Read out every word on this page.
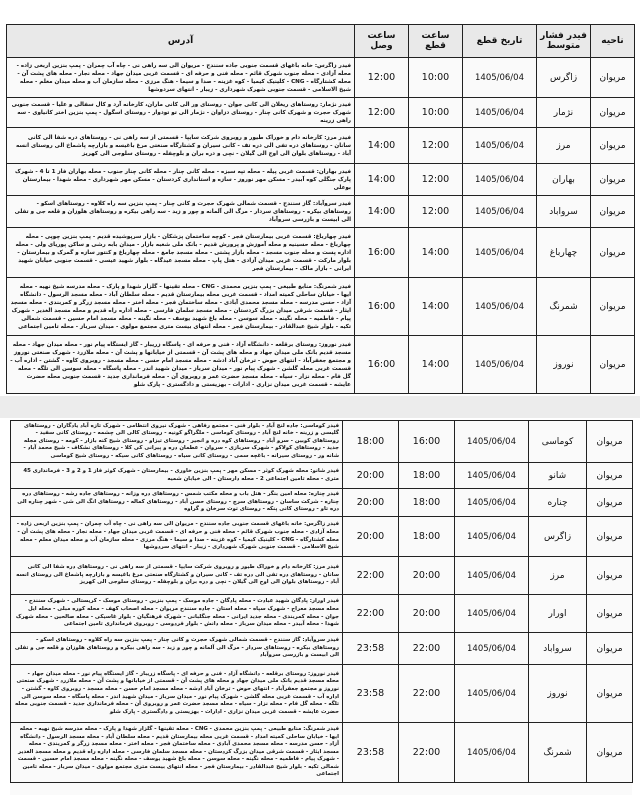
ناحیه	فیدر فشار متوسط	تاریخ قطع	ساعت قطع	ساعت وصل	آدرس
مریوان	زاگرس	1405/06/04	10:00	12:00	فیدر زاگرس: خانه باغهای قسمت جنوبی جاده سنندج - مریوان الی سه راهی نی - چاه آب چمران - پمپ بنزین اربعی زاده - محله آزادی - محله جنوب شهرک قائم - محله فنی و حرفه ای - قسمت غربی میدان جهاد - محله نجار - محله های پشت آن - محله کشتارگاه - CNG - کلینیک کیمیا - کوه غزینه - صدا و سیما - هنگ مرزی - محله سازمان آب و محله میدان معلم - محله شیخ الاسلامی - قسمت جنوبی شهرک شهرداری - زیبار - انتهای سردوشها
مریوان	نژمار	1405/06/04	10:00	12:00	فیدر نژمار: روستاهای ریغلان الی کانی جوان - روستای ور الی کانی ماران، کارخانه آرد و کال سفالی و علیا - قسمت جنوبی شهرک حجرت و شهرک کانی چنار - روستای دزاوان - نژمار الی تو تودوار - روستای اسگول - پمپ بنزین اختر کانیاوی - سه راهی زرینه
مریوان	مرز	1405/06/04	12:00	14:00	فیدر مرز: کارخانه دام و خوراک طیور و روبروی شرکت سایپا - قسمتی از سه راهی نی - روستاهای دره شفا الی کانی سانان - روستاهای دره تفی الی دره تف - کانی سیران و کشتارگاه صنعتی مرغ باغیسه و بازارچه پاشماخ الی روستای انسه آباد - روستاهای بلوان الی اوج الی گیلان - نچی و دره بران و بلوچفله - روستای سلوجی الی کهریز
مریوان	بهاران	1405/06/04	12:00	14:00	فیدر بهاران: قسمت غربی پیله - محله تپه سبزه - محله کانی چنار - محله کانی چنار جنوب - محله بهاران فاز 1 تا 4 - شهرک پارک جنگلی کوه آبیدر - مسکن مهر نوروز - سازه و استانداری کردستان - مسکن مهر شهرداری - محله شهدا - بیمارستان بوعلی
مریوان	سرواباد	1405/06/04	12:00	14:00	فیدر سروآباد: گاز سنندج - قسمت شمالی شهرک حجرت و کانی چنار - پمپ بنزین سه راه کلاوه - روستاهای اسکو - روستاهای بیکره - روستاهای سردار - مرگ الی آلمانه و چور و زبد - سه راهی بیکره و روستاهای هلوزان و قلعه جی و تفلی الی ابیست و بازرسی سروآباد
مریوان	چهارباغ	1405/06/04	14:00	16:00	فیدر چهارباغ: قسمت غربی بیمارستان فجر - کوچه ساختمان پزشکان - بازار سرپوشیده قدیم - پمپ بنزین چوپی - محله چهارباغ - محله حسینیه و محله آموزش و پرورش قدیم - بانک ملی شعبه بازار - میدان بابه رشی و ساکن پوریای ولی - محله اداره پست و محله جنوب مسجد - محله بازار پشتی - محله مسجد جامع - محله چهارباغ و کنتور سازه و گمرک و بیمارستان - بلوار مارکت - قسمت غربی میدان آزادی - هتل پاپ - محله مسجد عیدگاه - بلوار شهید عیسی - قسمت جنوبی خیابان شهید ایرانی - بازار مالک - بیمارستان فجر
مریوان	شمرنگ	1405/06/04	14:00	16:00	فیدر شمرنگ: منابع طبیعی - پمپ بنزین محمدی - CNG - محله تقینها - گلزار شهدا و پارک - محله مدرسه شیخ نهیه - محله ایها - خیابان ساحلی کمیته امداد - قسمت غربی محله بیمارستان قدیم - محله سلطان آباد - محله مسجد الرسول - دانشگاه آزاد - حسن مدرسه - محله مسجد محمدی آبادی - محله ساختمان فجر - محله اختر - محله مسجد زرگر و کمربندی - محله مسجد ایثار - قسمت شرقی میدان بزرگ کردستان - محله مسجد سلمان فارسی - محله اداره راه قدیم و محله مسجد الغدیر - شهرک پیام - فاطمیه - محله نگینه - محله سوسن - محله باغ شهید یوسف - محله نگینه - محله مسجد امام حسین - قسمت شمالی تکیه - بلوار شیخ عبدالقادر - بیمارستان فجر - محله انتهای بیست متری مجتمع مولوی - میدان سرباز - محله تامین اجتماعی
مریوان	نوروز	1405/06/04	14:00	16:00	فیدر نوروز: روستای برقلعه - دانشگاه آزاد - فنی و حرفه ای - پاسگاه زریبار - گاز ایستگاه پیام نور - محله میدان جهاد - محله مسجد قدیم بانک ملی میدان جهاد و محله های پشت آن - قسمتی از خیابانها و پشت آن - محله ملازرد - شهرک صنعتی نوروز و مجتمع جعفرآباد - انتهای حوض - ترخان آباد ادشه - محله مسجد امام حسن - محله مسجد - روبروی کاوه - گشتن - اداره آب - قسمت غربی محله گلشن - شهرک پیام نور - میدان سرباز - میدان شهید اندر - محله پاسگاه - محله سوسن الی تلگه - محله گل فام - محله نزار - سیاه - محله مسجد حضرت عمر و روبروی آن - محله فرمانداری جدید - قسمت جنوبی محله حضرت عایشه - قسمت غربی میدان نزاری - ادارات - بهزیستی و دادگستری - پارک شلو
مریوان	کوماسی	1405/06/04	16:00	18:00	فیدر کوماسی: جاده لنج آباد - بلوار فنی - مجتمع رفاهی - شهرک نیروی انتظامی - شهرک تازه آباد یادگاران - روستاهای گلیسی و زرینه - خانه لنج آباد - روستای کوماسی - ملگراگو کونیه - روستای کالی الی چشمه - روستای کانی سفید - روستاهای کوبین - سرو آباد - روستاهای کوه دره و انجیر - روستای تیزاو - روستای شیخ کنه بازار - کومه - روستای مجله جدید - روستاهای کولاکو - شهرک سربازی - سروان - عطمان دره و پیرانی کی کلا - روستاهای نشکاف - شیخ محمد آباد - شانه ور - روستای سیرانه - باغچه سمی - روستای کانی سیاه - روستاهای کانی سیکه - روستای شیخ کوماسی
مریوان	شانو	1405/06/04	18:00	20:00	فیدر شانو: محله شهرک کوثر - مسکن مهر - پمپ بنزین خاوری - بیمارستان - شهرک کوثر فاز 1 و 2 و 3 - فرمانداری 45 متری - محله تامین اجتماعی 2 - محله دارستان - الی خیابان شمیه
مریوان	چناره	1405/06/04	18:00	20:00	فیدر چناره: محله امین بنگر - هتل باب و محله مکتب شمس - روستاهای دره وزانه - روستاهای جاده رشه - روستاهای دره چناره - شرکت ساسان - روستاهای سرچ - روستای حسن آباد - روستاهای کماله - روستاهای انگ الی شی - شهر چناره الی دره تاو - روستای کانی پنکه - روستای توت سرخان و گراوه
مریوان	زاگرس	1405/06/04	18:00	20:00	فیدر زاگرس: خانه باغهای قسمت جنوبی جاده سنندج - مریوان الی سه راهی نی - چاه آب چمران - پمپ بنزین اربعی زاده - محله آزادی - محله جنوب شهرک قائم - محله فنی و حرفه ای - قسمت غربی میدان جهاد - محله نجار - محله های پشت آن - محله کشتارگاه - CNG - کلینیک کیمیا - کوه غزینه - صدا و سیما - هنگ مرزی - محله سازمان آب و محله میدان معلم - محله شیخ الاسلامی - قسمت جنوبی شهرک شهرداری - زیبار - انتهای سردوشها
مریوان	مرز	1405/06/04	20:00	22:00	فیدر مرز: کارخانه دام و خوراک طیور و روبروی شرکت سایپا - قسمتی از سه راهی نی - روستاهای دره شفا الی کانی سانان - روستاهای دره تفی الی دره تف - کانی سیران و کشتارگاه صنعتی مرغ باغیسه و بازارچه پاشماخ الی روستای انسه آباد - روستاهای بلوان الی اوج الی گیلان - نچی و دره بران و بلوچفله - روستای سلوجی الی کهریز
مریوان	اورار	1405/06/04	20:00	22:00	فیدر اورار: پادگان شهید عبادت - محله پادگان - جاده موسک - پمپ بنزین - روستای موسک - کریستالی - شهرک سنندج - محله مسجد معراج - شهرک سپاه - محله استان - جاده سنندج مریوان - محله اصحاب کهف - محله کوره مبلی - محله ایل جوان - محله کمربندی - محله جدید ایرانی - محله جنگلبانی - شهرک فرهنگیان - بلوار غاسیکی - محله صالحین - محله شهرک شهدا - محله آبیدر - محله میدان سرباز - محله دانش - بلوار فردوسی - روبروی فرمانداری تامین اجتماعی
مریوان	سرواباد	1405/06/04	22:00	23:58	فیدر سروآباد: گاز سنندج - قسمت شمالی شهرک حجرت و کانی چنار - پمپ بنزین سه راه کلاوه - روستاهای اسکو - روستاهای بیکره - روستاهای سردار - مرگ الی آلمانه و چور و زبد - سه راهی بیکره و روستاهای هلوزان و قلعه جی و تفلی الی ابیست و بازرسی سروآباد
مریوان	نوروز	1405/06/04	22:00	23:58	فیدر نوروز: روستای برقلعه - دانشگاه آزاد - فنی و حرفه ای - پاسگاه زریبار - گاز ایستگاه پیام نور - محله میدان جهاد - محله مسجد قدیم بانک ملی میدان جهاد و محله های پشت آن - قسمتی از خیابانها و پشت آن - محله ملازرد - شهرک صنعتی نوروز و مجتمع جعفرآباد - انتهای حوض - ترخان آباد ادشه - محله مسجد امام حسن - محله مسجد - روبروی کاوه - گشتن - اداره آب - قسمت غربی محله گلشن - شهرک پیام نور - میدان سرباز - میدان شهید اندر - محله پاسگاه - محله سوسن الی تلگه - محله گل فام - محله نزار - سیاه - محله مسجد حضرت عمر و روبروی آن - محله فرمانداری جدید - قسمت جنوبی محله حضرت عایشه - قسمت غربی میدان نزاری - ادارات - بهزیستی و دادگستری - پارک شلو
مریوان	شمرنگ	1405/06/04	22:00	23:58	فیدر شمرنگ: منابع طبیعی - پمپ بنزین محمدی - CNG - محله تقینها - گلزار شهدا و پارک - محله مدرسه شیخ نهیه - محله ایها - خیابان ساحلی کمیته امداد - قسمت غربی محله بیمارستان قدیم - محله سلطان آباد - محله مسجد الرسول - دانشگاه آزاد - حسن مدرسه - محله مسجد محمدی آبادی - محله ساختمان فجر - محله اختر - محله مسجد زرگر و کمربندی - محله مسجد ایثار - قسمت شرقی میدان بزرگ کردستان - محله مسجد سلمان فارسی - محله اداره راه قدیم و محله مسجد الغدیر - شهرک پیام - فاطمیه - محله نگینه - محله سوسن - محله باغ شهید یوسف - محله نگینه - محله مسجد امام حسین - قسمت شمالی تکیه - بلوار شیخ عبدالقادر - بیمارستان فجر - محله انتهای بیست متری مجتمع مولوی - میدان سرباز - محله تامین اجتماعی
